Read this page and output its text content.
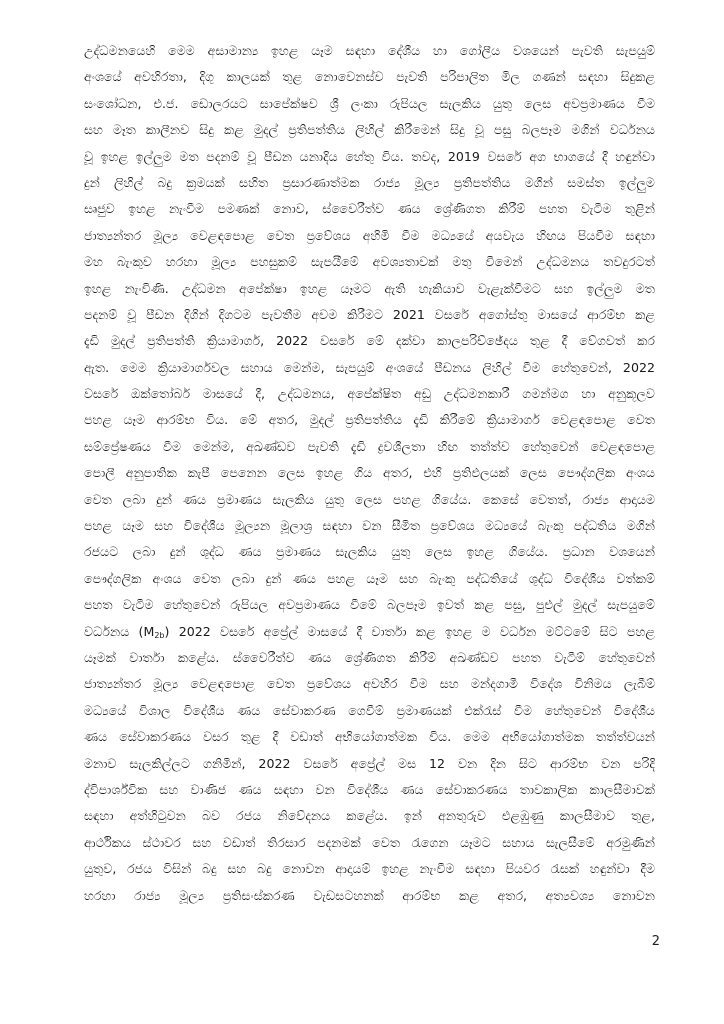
උද්ධමනයෙහි මෙම අසාමාන්‍ය ඉහළ යෑම සඳහා දේශීය හා ගෝලීය වශයෙන් පැවති සැපයුම්
අංශයේ අවහිරතා, දිගු කාලයක් තුළ නොවෙනස්ව පැවති පරිපාලිත මිල ගණන් සඳහා සිදුකළ
සංශෝධන, එ.ජ. ඩොලරයට සාපේක්ෂව ශ්‍රී ලංකා රුපියල සැලකිය යුතු ලෙස අවප්‍රමාණය වීම
සහ මෑත කාලීනව සිදු කළ මුදල් ප්‍රතිපත්තිය ලිහිල් කිරීමෙන් සිදු වූ පසු බලපෑම මගින් වර්ධනය
වූ ඉහළ ඉල්ලුම මත පදනම් වූ පීඩන යනාදිය හේතු විය. තවද, 2019 වසරේ අග භාගයේ දී හඳුන්වා
දුන් ලිහිල් බදු ක්‍රමයක් සහිත ප්‍රසාරණාත්මක රාජ්‍ය මූල්‍ය ප්‍රතිපත්තිය මගින් සමස්ත ඉල්ලුම
සෘජුව ඉහළ නැංවීම පමණක් නොව, ස්වෛරීත්ව ණය ශ්‍රේණිගත කිරීම් පහත වැටීම තුළින්
ජාත්‍යන්තර මූල්‍ය වෙළඳපොළ වෙත ප්‍රවේශය අහිමි වීම මධ්‍යයේ අයවැය හිඟය පියවීම සඳහා
මහ බැංකුව හරහා මූල්‍ය පහසුකම් සැපයීමේ අවශ්‍යතාවක් මතු වීමෙන් උද්ධමනය තවදුරටත්
ඉහළ නැංවිණි. උද්ධමන අපේක්ෂා ඉහළ යෑමට ඇති හැකියාව වැළැක්වීමට සහ ඉල්ලුම මත
පදනම් වූ පීඩන දිගින් දිගටම පැවතීම අවම කිරීමට 2021 වසරේ අගෝස්තු මාසයේ ආරම්භ කළ
දැඩි මුදල් ප්‍රතිපත්ති ක්‍රියාමාර්ග, 2022 වසරේ මේ දක්වා කාලපරිච්ඡේදය තුළ දී වේගවත් කර
ඇත. මෙම ක්‍රියාමාර්ගවල සහාය මෙන්ම, සැපයුම් අංශයේ පීඩනය ලිහිල් වීම හේතුවෙන්, 2022
වසරේ ඔක්තෝබර් මාසයේ දී, උද්ධමනය, අපේක්ෂිත අඩු උද්ධමනකාරී ගමන්මග හා අනුකූලව
පහළ යෑම ආරම්භ විය. මේ අතර, මුදල් ප්‍රතිපත්තිය දැඩි කිරීමේ ක්‍රියාමාර්ග වෙළඳපොළ වෙත
සම්ප්‍රේෂණය වීම මෙන්ම, අඛණ්ඩව පැවති දැඩි ද්‍රවශීලතා හිඟ තත්ත්ව හේතුවෙන් වෙළඳපොළ
පොලී අනුපාතික කැපී පෙනෙන ලෙස ඉහළ ගිය අතර, එහි ප්‍රතිඵලයක් ලෙස පෞද්ගලික අංශය
වෙත ලබා දුන් ණය ප්‍රමාණය සැලකිය යුතු ලෙස පහළ ගියේය. කෙසේ වෙතත්, රාජ්‍ය ආදායම
පහළ යෑම සහ විදේශීය මූල්‍යන මූලාශ්‍ර සඳහා වන සීමිත ප්‍රවේශය මධ්‍යයේ බැංකු පද්ධතිය මගින්
රජයට ලබා දුන් ශුද්ධ ණය ප්‍රමාණය සැලකිය යුතු ලෙස ඉහළ ගියේය. ප්‍රධාන වශයෙන්
පෞද්ගලික අංශය වෙත ලබා දුන් ණය පහළ යෑම සහ බැංකු පද්ධතියේ ශුද්ධ විදේශීය වත්කම්
පහත වැටීම හේතුවෙන් රුපියල අවප්‍රමාණය වීමේ බලපෑම ඉවත් කළ පසු, පුළුල් මුදල් සැපයුමේ
වර්ධනය $(M_{2b})$ 2022 වසරේ අප්‍රේල් මාසයේ දී වාර්තා කළ ඉහළ ම වර්ධන මට්ටමේ සිට පහළ
යෑමක් වාර්තා කළේය. ස්වෛරීත්ව ණය ශ්‍රේණිගත කිරීම් අඛණ්ඩව පහත වැටීම් හේතුවෙන්
ජාත්‍යන්තර මූල්‍ය වෙළඳපොළ වෙත ප්‍රවේශය අවහිර වීම සහ මන්දගාමී විදේශ විනිමය ලැබීම්
මධ්‍යයේ විශාල විදේශීය ණය සේවාකරණ ගෙවීම් ප්‍රමාණයක් එක්රැස් වීම හේතුවෙන් විදේශීය
ණය සේවාකරණය වසර තුළ දී වඩාත් අභියෝගාත්මක විය. මෙම අභියෝගාත්මක තත්ත්වයන්
මනාව සැලකිල්ලට ගනිමින්, 2022 වසරේ අප්‍රේල් මස 12 වන දින සිට ආරම්භ වන පරිදි
ද්විපාර්ශ්වික සහ වාණිජ ණය සඳහා වන විදේශීය ණය සේවාකරණය තාවකාලික කාලසීමාවක්
සඳහා අත්හිටුවන බව රජය නිවේදනය කළේය. ඉන් අනතුරුව එළඹුණු කාලසීමාව තුළ,
ආර්ථිකය ස්ථාවර සහ වඩාත් තිරසාර පදනමක් වෙත රැගෙන යෑමට සහාය සැලසීමේ අරමුණින්
යුතුව, රජය විසින් බදු සහ බදු නොවන ආදායම් ඉහළ නැංවීම සඳහා පියවර රැසක් හඳුන්වා දීම
හරහා රාජ්‍ය මූල්‍ය ප්‍රතිසංස්කරණ වැඩසටහනක් ආරම්භ කළ අතර, අත්‍යවශ්‍ය නොවන
2
